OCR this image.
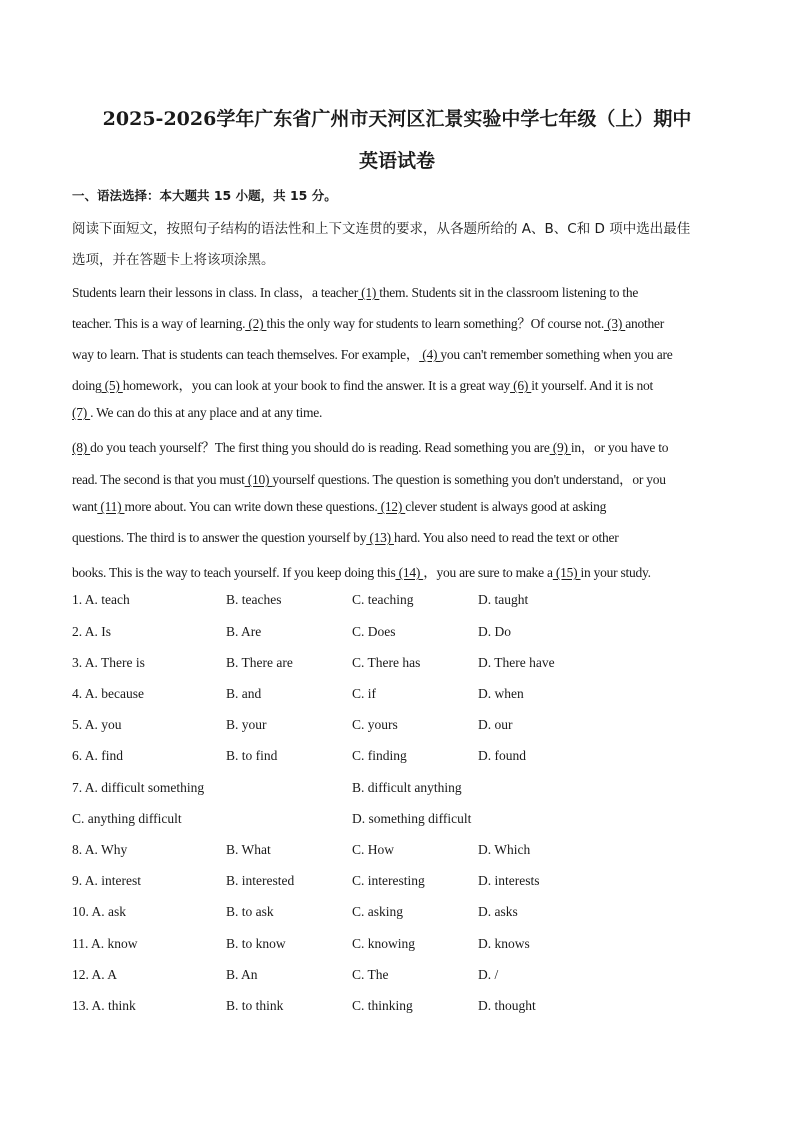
2025-2026学年广东省广州市天河区汇景实验中学七年级（上）期中
英语试卷
一、语法选择：本大题共 15 小题，共 15 分。
阅读下面短文，按照句子结构的语法性和上下文连贯的要求，从各题所给的 A、B、C和 D 项中选出最佳
选项，并在答题卡上将该项涂黑。
Students learn their lessons in class. In class，a teacher (1) them. Students sit in the classroom listening to the
teacher. This is a way of learning. (2) this the only way for students to learn something？Of course not. (3) another
way to learn. That is students can teach themselves. For example， (4) you can't remember something when you are
doing (5) homework，you can look at your book to find the answer. It is a great way (6) it yourself. And it is not
(7) . We can do this at any place and at any time.
(8) do you teach yourself？The first thing you should do is reading. Read something you are (9) in，or you have to
read. The second is that you must (10) yourself questions. The question is something you don't understand，or you
want (11) more about. You can write down these questions. (12) clever student is always good at asking
questions. The third is to answer the question yourself by (13) hard. You also need to read the text or other
books. This is the way to teach yourself. If you keep doing this (14) ，you are sure to make a (15) in your study.
1. A. teach	B. teaches	C. teaching	D. taught
2. A. Is	B. Are	C. Does	D. Do
3. A. There is	B. There are	C. There has	D. There have
4. A. because	B. and	C. if	D. when
5. A. you	B. your	C. yours	D. our
6. A. find	B. to find	C. finding	D. found
7. A. difficult something	B. difficult anything
C. anything difficult	D. something difficult
8. A. Why	B. What	C. How	D. Which
9. A. interest	B. interested	C. interesting	D. interests
10. A. ask	B. to ask	C. asking	D. asks
11. A. know	B. to know	C. knowing	D. knows
12. A. A	B. An	C. The	D. /
13. A. think	B. to think	C. thinking	D. thought
